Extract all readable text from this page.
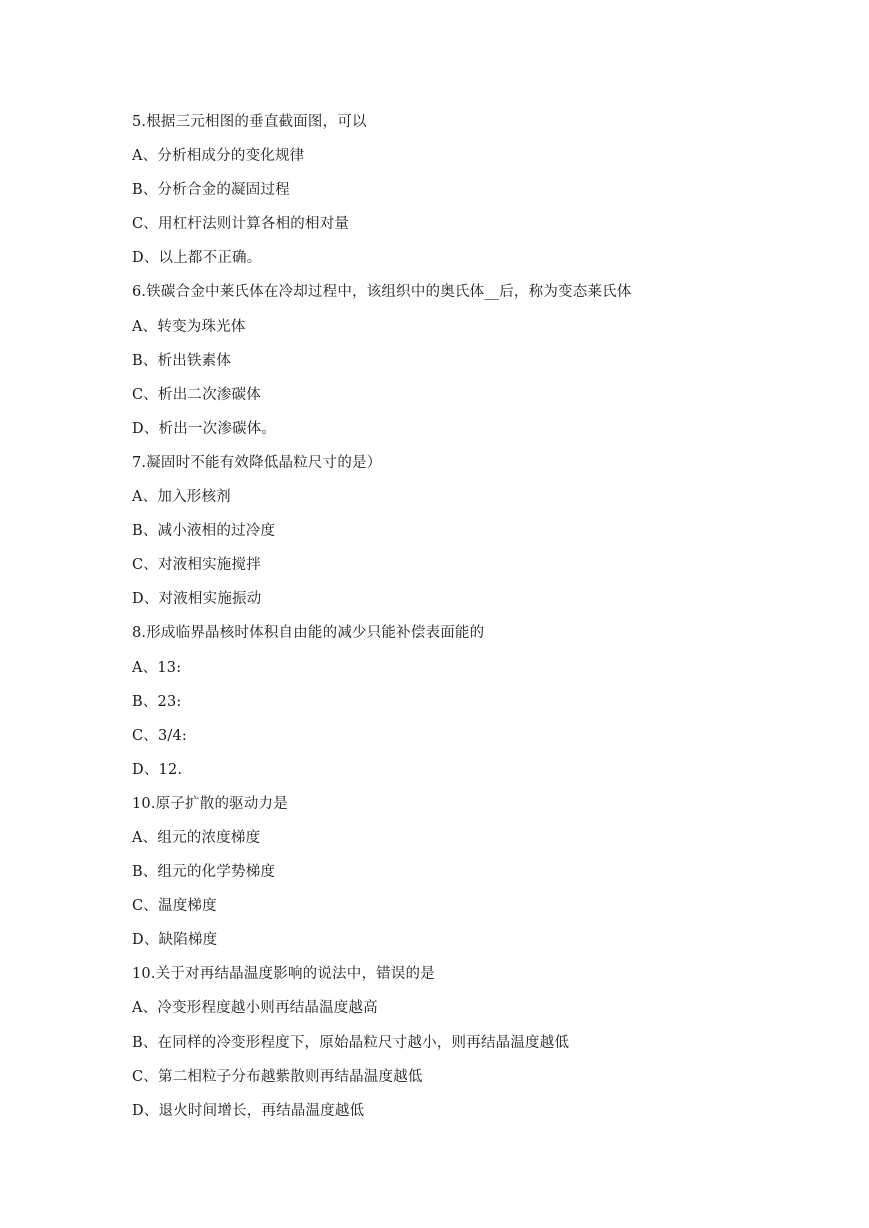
5.根据三元相图的垂直截面图，可以
A、分析相成分的变化规律
B、分析合金的凝固过程
C、用杠杆法则计算各相的相对量
D、以上都不正确。
6.铁碳合金中莱氏体在冷却过程中，该组织中的奥氏体__后，称为变态莱氏体
A、转变为珠光体
B、析出铁素体
C、析出二次渗碳体
D、析出一次渗碳体。
7.凝固时不能有效降低晶粒尺寸的是）
A、加入形核剂
B、减小液相的过冷度
C、对液相实施搅拌
D、对液相实施振动
8.形成临界晶核时体积自由能的减少只能补偿表面能的
A、13:
B、23:
C、3/4:
D、12.
10.原子扩散的驱动力是
A、组元的浓度梯度
B、组元的化学势梯度
C、温度梯度
D、缺陷梯度
10.关于对再结晶温度影响的说法中，错误的是
A、冷变形程度越小则再结晶温度越高
B、在同样的冷变形程度下，原始晶粒尺寸越小，则再结晶温度越低
C、第二相粒子分布越紫散则再结晶温度越低
D、退火时间增长，再结晶温度越低
